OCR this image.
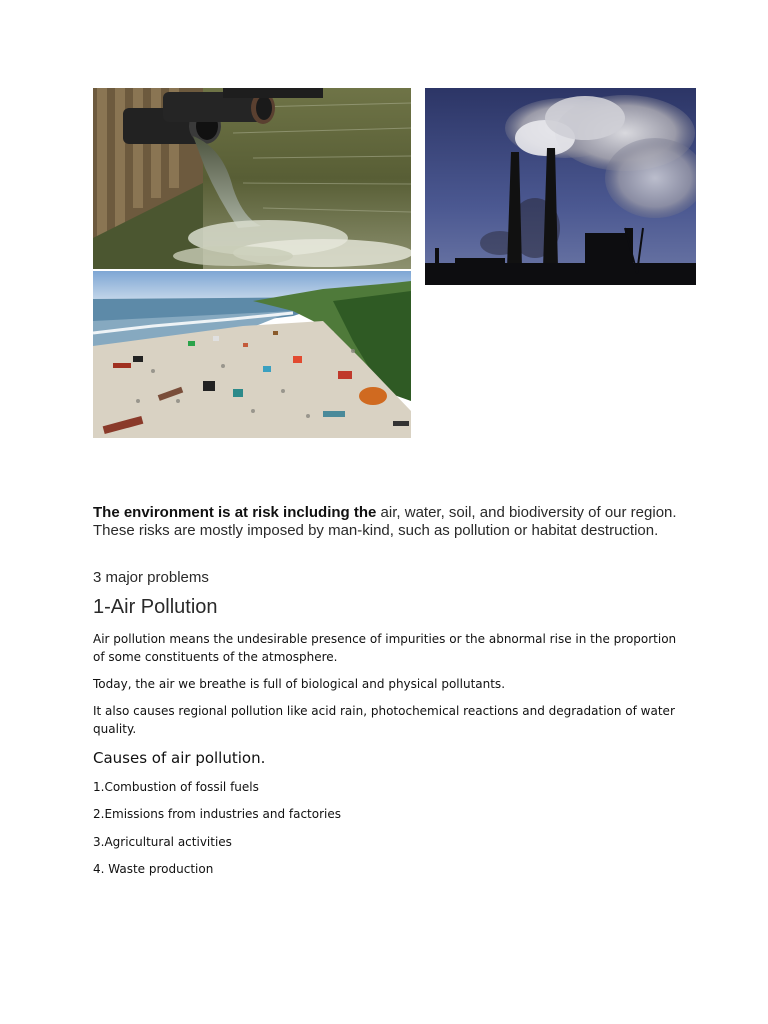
The environment is at risk including the air, water, soil, and biodiversity of our region. These risks are mostly imposed by man-kind, such as pollution or habitat destruction.
3 major problems
1-Air Pollution
Air pollution means the undesirable presence of impurities or the abnormal rise in the proportion of some constituents of the atmosphere.
Today, the air we breathe is full of biological and physical pollutants.
It also causes regional pollution like acid rain, photochemical reactions and degradation of water quality.
Causes of air pollution.
1.Combustion of fossil fuels
2.Emissions from industries and factories
3.Agricultural activities
4. Waste production
